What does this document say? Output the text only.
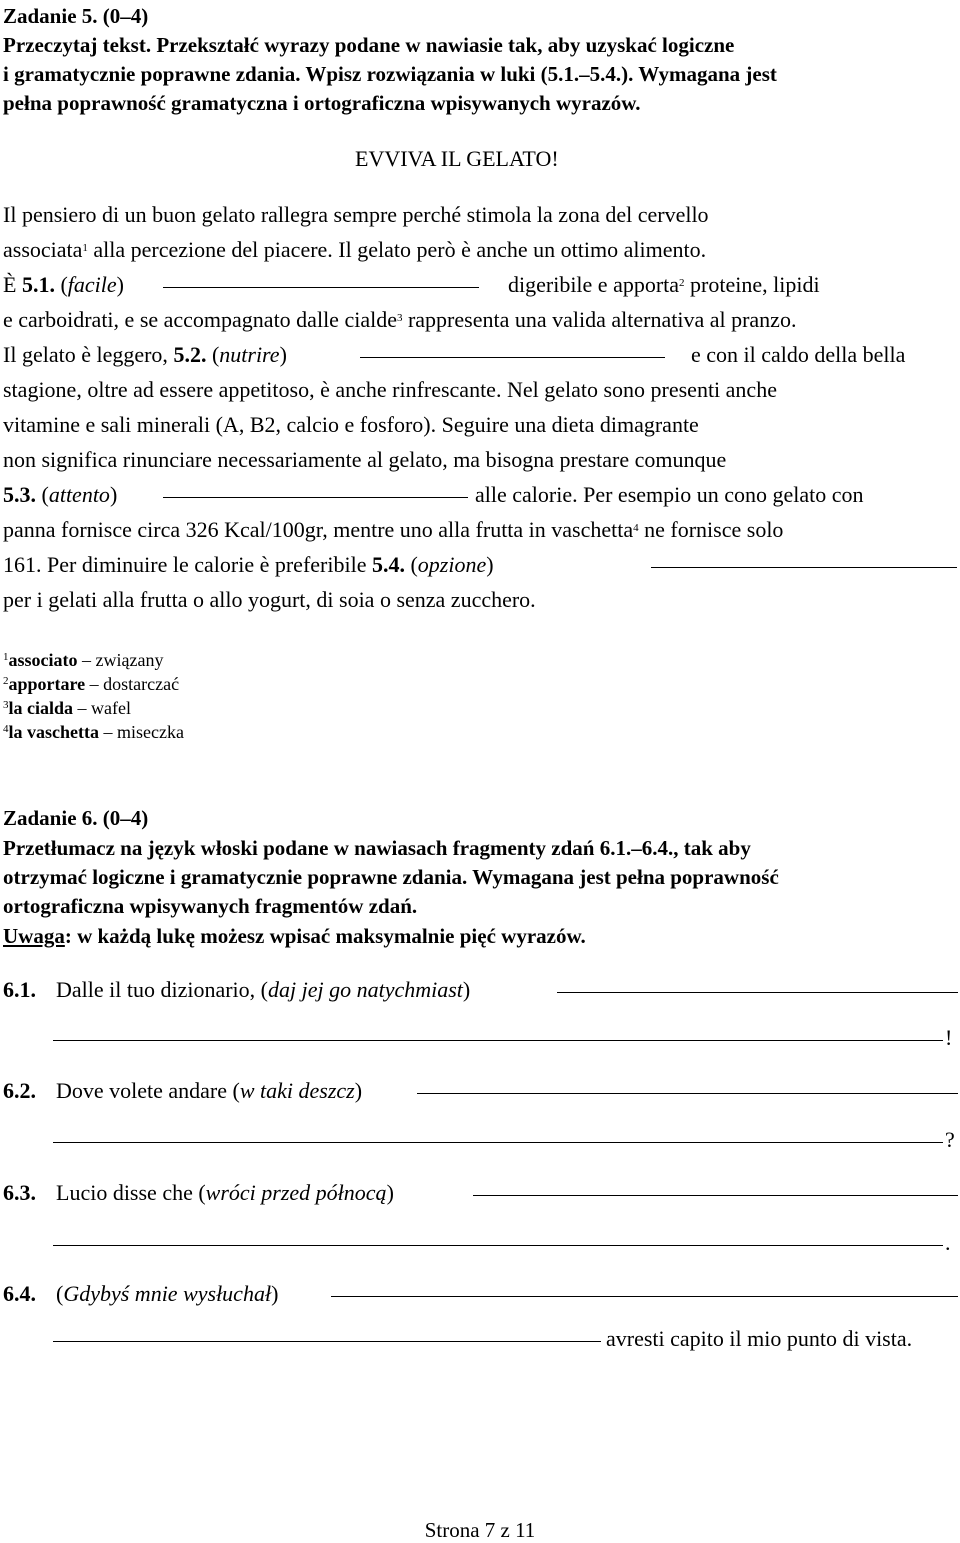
Zadanie 5. (0–4)
Przeczytaj tekst. Przekształć wyrazy podane w nawiasie tak, aby uzyskać logiczne
i gramatycznie poprawne zdania. Wpisz rozwiązania w luki (5.1.–5.4.). Wymagana jest
pełna poprawność gramatyczna i ortograficzna wpisywanych wyrazów.
EVVIVA IL GELATO!
Il pensiero di un buon gelato rallegra sempre perché stimola la zona del cervello
associata$^1$ alla percezione del piacere. Il gelato però è anche un ottimo alimento.
È 5.1. (facile)	digeribile e apporta$^2$ proteine, lipidi
e carboidrati, e se accompagnato dalle cialde$^3$ rappresenta una valida alternativa al pranzo.
Il gelato è leggero, 5.2. (nutrire)	e con il caldo della bella
stagione, oltre ad essere appetitoso, è anche rinfrescante. Nel gelato sono presenti anche
vitamine e sali minerali (A, B2, calcio e fosforo). Seguire una dieta dimagrante
non significa rinunciare necessariamente al gelato, ma bisogna prestare comunque
5.3. (attento)	alle calorie. Per esempio un cono gelato con
panna fornisce circa 326 Kcal/100gr, mentre uno alla frutta in vaschetta$^4$ ne fornisce solo
161. Per diminuire le calorie è preferibile 5.4. (opzione)
per i gelati alla frutta o allo yogurt, di soia o senza zucchero.
$^1$associato – związany
$^2$apportare – dostarczać
$^3$la cialda – wafel
$^4$la vaschetta – miseczka
Zadanie 6. (0–4)
Przetłumacz na język włoski podane w nawiasach fragmenty zdań 6.1.–6.4., tak aby
otrzymać logiczne i gramatycznie poprawne zdania. Wymagana jest pełna poprawność
ortograficzna wpisywanych fragmentów zdań.
Uwaga: w każdą lukę możesz wpisać maksymalnie pięć wyrazów.
6.1. Dalle il tuo dizionario, (daj jej go natychmiast)
!
6.2. Dove volete andare (w taki deszcz)
?
6.3. Lucio disse che (wróci przed północą)
.
6.4. (Gdybyś mnie wysłuchał)
avresti capito il mio punto di vista.
Strona 7 z 11
